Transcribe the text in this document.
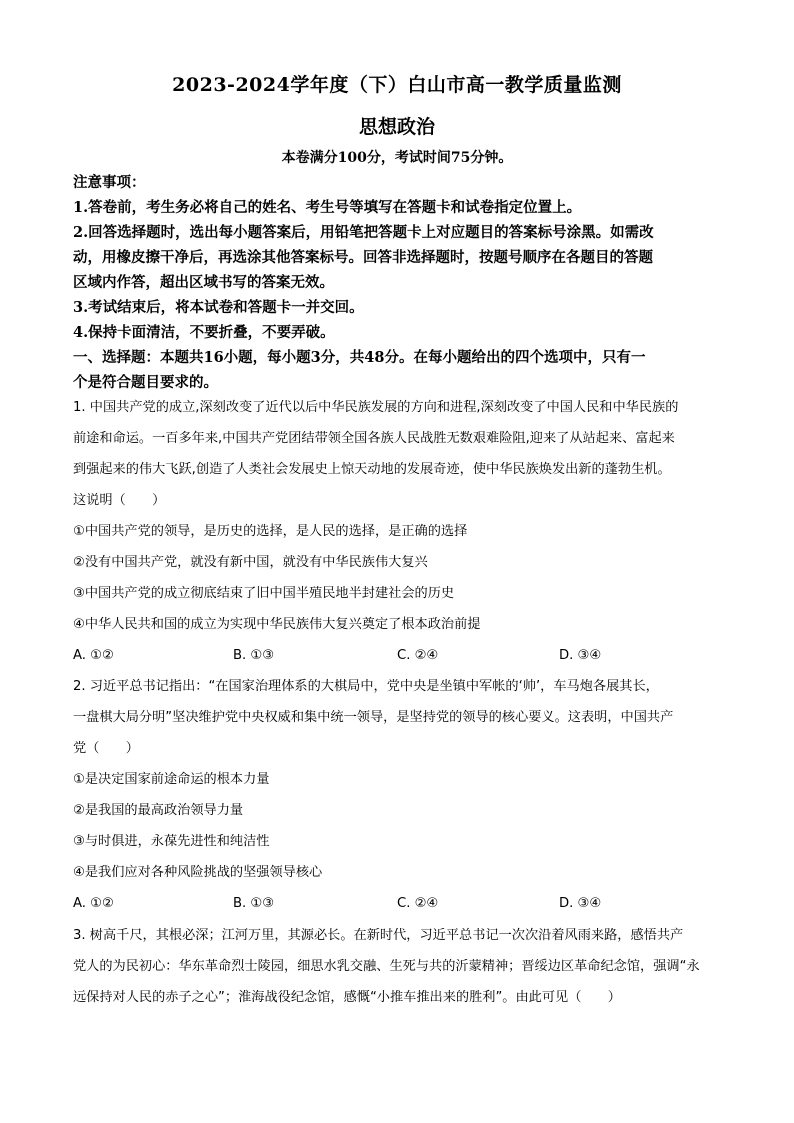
2023-2024学年度（下）白山市高一教学质量监测
思想政治
本卷满分100分，考试时间75分钟。
注意事项：
1.答卷前，考生务必将自己的姓名、考生号等填写在答题卡和试卷指定位置上。
2.回答选择题时，选出每小题答案后，用铅笔把答题卡上对应题目的答案标号涂黑。如需改
动，用橡皮擦干净后，再选涂其他答案标号。回答非选择题时，按题号顺序在各题目的答题
区域内作答，超出区域书写的答案无效。
3.考试结束后，将本试卷和答题卡一并交回。
4.保持卡面清洁，不要折叠，不要弄破。
一、选择题：本题共16小题，每小题3分，共48分。在每小题给出的四个选项中，只有一
个是符合题目要求的。
1. 中国共产党的成立,深刻改变了近代以后中华民族发展的方向和进程,深刻改变了中国人民和中华民族的
前途和命运。一百多年来,中国共产党团结带领全国各族人民战胜无数艰难险阻,迎来了从站起来、富起来
到强起来的伟大飞跃,创造了人类社会发展史上惊天动地的发展奇迹，使中华民族焕发出新的蓬勃生机。
这说明（　　）
①中国共产党的领导，是历史的选择，是人民的选择，是正确的选择
②没有中国共产党，就没有新中国，就没有中华民族伟大复兴
③中国共产党的成立彻底结束了旧中国半殖民地半封建社会的历史
④中华人民共和国的成立为实现中华民族伟大复兴奠定了根本政治前提
A. ①②	B. ①③	C. ②④	D. ③④
2. 习近平总书记指出：“在国家治理体系的大棋局中，党中央是坐镇中军帐的‘帅’，车马炮各展其长，
一盘棋大局分明”坚决维护党中央权威和集中统一领导，是坚持党的领导的核心要义。这表明，中国共产
党（　　）
①是决定国家前途命运的根本力量
②是我国的最高政治领导力量
③与时俱进，永葆先进性和纯洁性
④是我们应对各种风险挑战的坚强领导核心
A. ①②	B. ①③	C. ②④	D. ③④
3. 树高千尺，其根必深；江河万里，其源必长。在新时代，习近平总书记一次次沿着风雨来路，感悟共产
党人的为民初心：华东革命烈士陵园，细思水乳交融、生死与共的沂蒙精神；晋绥边区革命纪念馆，强调“永
远保持对人民的赤子之心”；淮海战役纪念馆，感慨“小推车推出来的胜利”。由此可见（　　）
